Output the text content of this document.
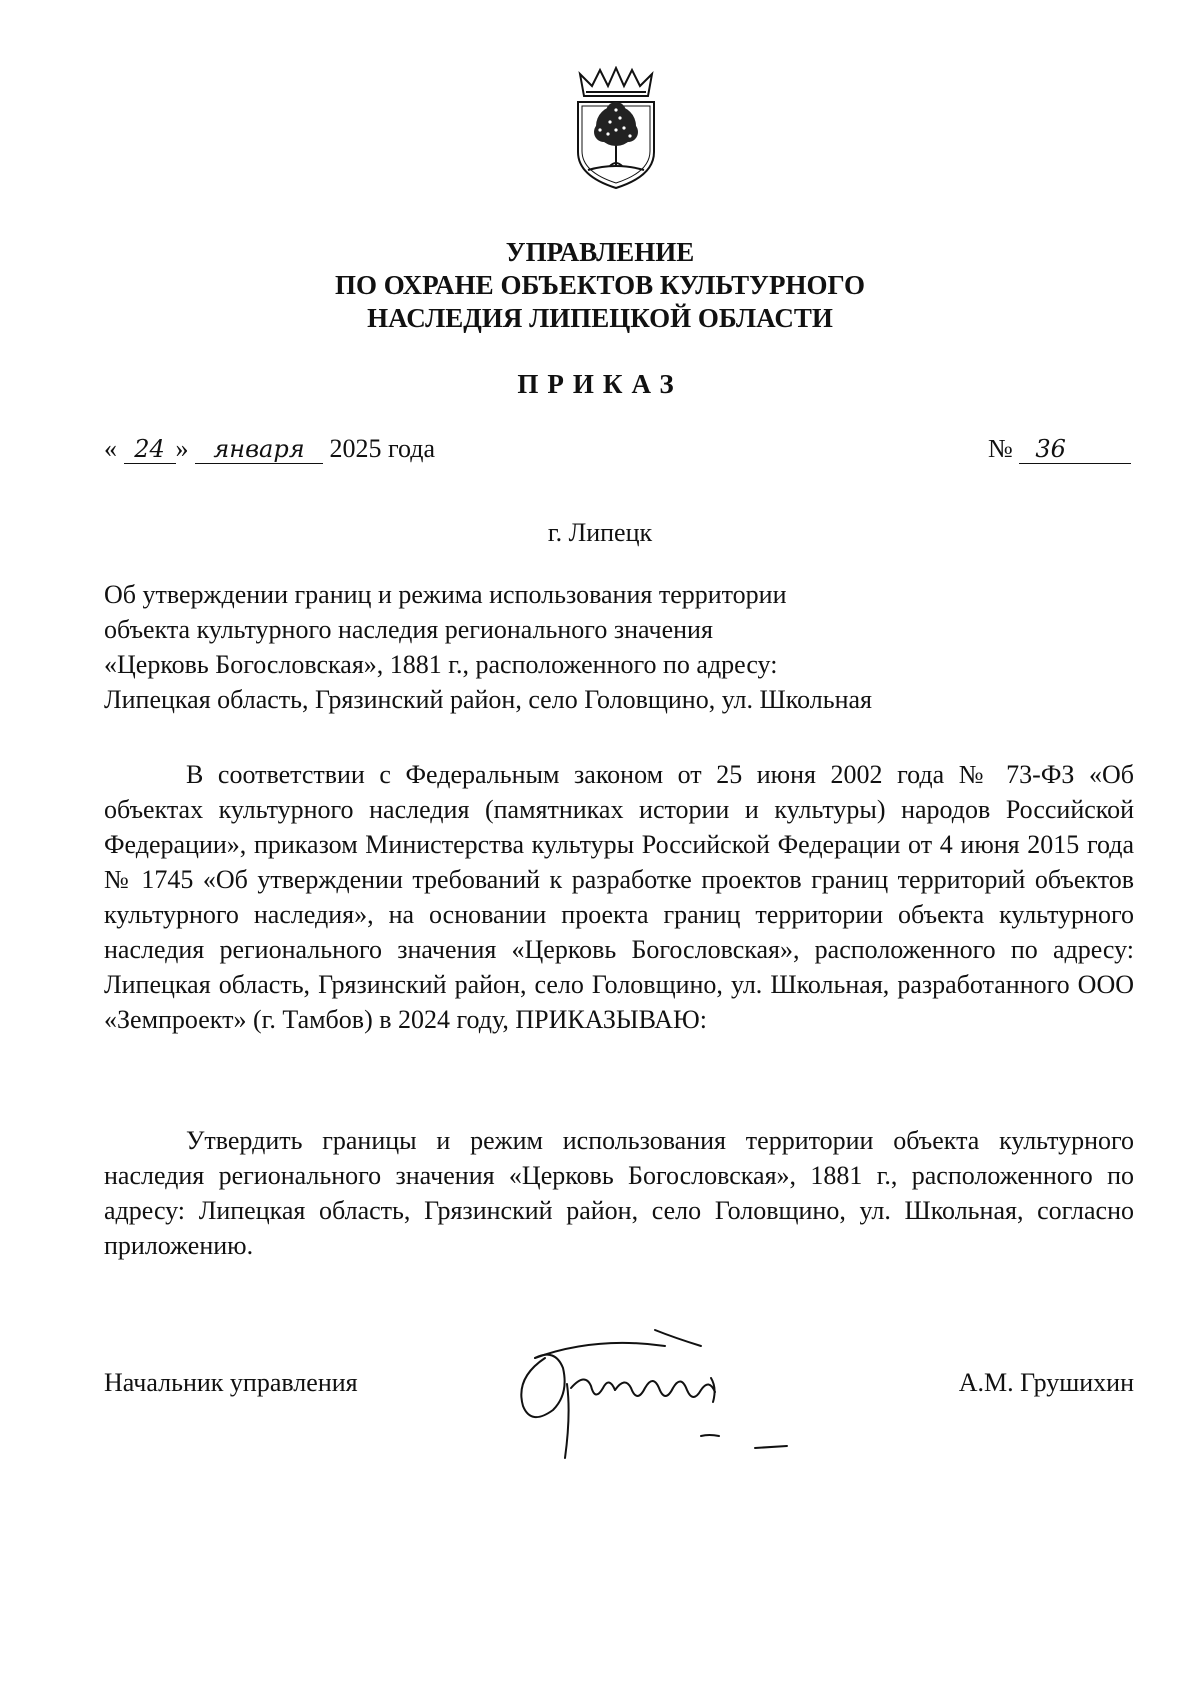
УПРАВЛЕНИЕ
ПО ОХРАНЕ ОБЪЕКТОВ КУЛЬТУРНОГО
НАСЛЕДИЯ ЛИПЕЦКОЙ ОБЛАСТИ
ПРИКАЗ
« 24 » января 2025 года	№ 36
г. Липецк
Об утверждении границ и режима использования территории
объекта культурного наследия регионального значения
«Церковь Богословская», 1881 г., расположенного по адресу:
Липецкая область, Грязинский район, село Головщино, ул. Школьная

В соответствии с Федеральным законом от 25 июня 2002 года № 73-ФЗ «Об объектах культурного наследия (памятниках истории и культуры) народов Российской Федерации», приказом Министерства культуры Российской Федерации от 4 июня 2015 года № 1745 «Об утверждении требований к разработке проектов границ территорий объектов культурного наследия», на основании проекта границ территории объекта культурного наследия регионального значения «Церковь Богословская», расположенного по адресу: Липецкая область, Грязинский район, село Головщино, ул. Школьная, разработанного ООО «Земпроект» (г. Тамбов) в 2024 году, ПРИКАЗЫВАЮ:

Утвердить границы и режим использования территории объекта культурного наследия регионального значения «Церковь Богословская», 1881 г., расположенного по адресу: Липецкая область, Грязинский район, село Головщино, ул. Школьная, согласно приложению.

Начальник управления	А.М. Грушихин
